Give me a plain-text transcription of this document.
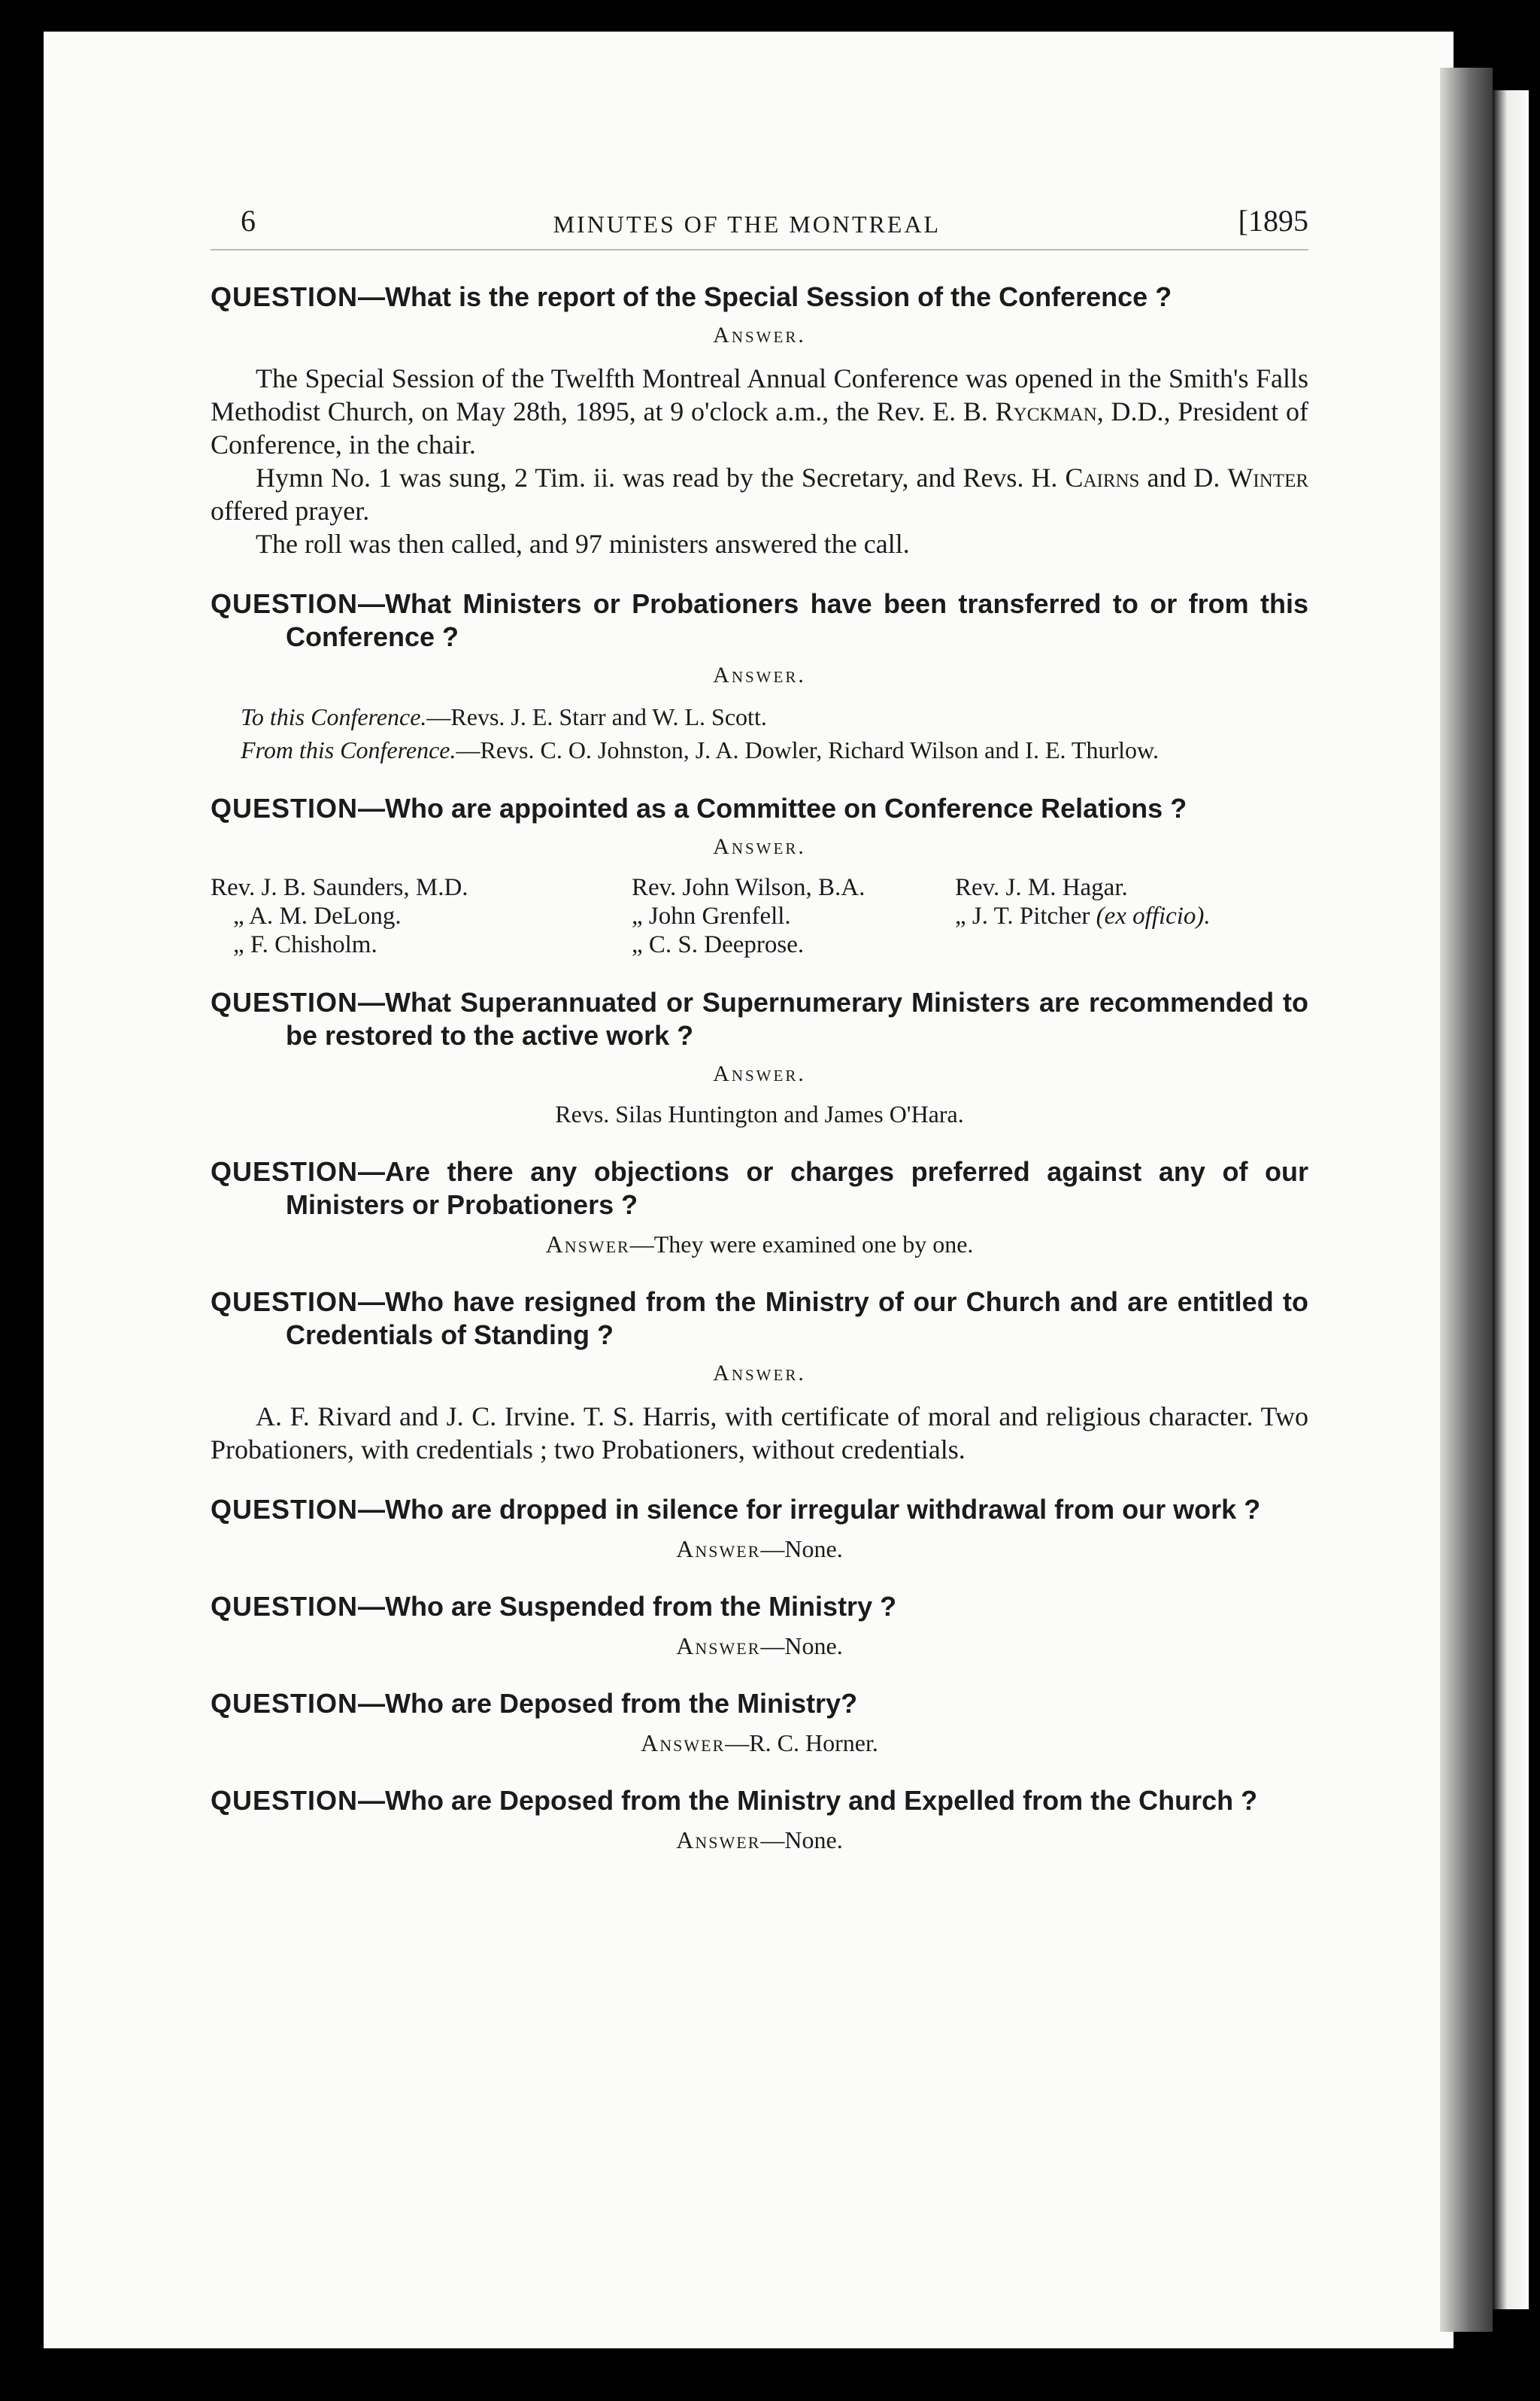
6	MINUTES OF THE MONTREAL	[1895
QUESTION—What is the report of the Special Session of the Conference ?
Answer.

The Special Session of the Twelfth Montreal Annual Conference was opened in the Smith's Falls Methodist Church, on May 28th, 1895, at 9 o'clock a.m., the Rev. E. B. Ryckman, D.D., President of Conference, in the chair.

Hymn No. 1 was sung, 2 Tim. ii. was read by the Secretary, and Revs. H. Cairns and D. Winter offered prayer.

The roll was then called, and 97 ministers answered the call.

QUESTION—What Ministers or Probationers have been transferred to or from this Conference ?
Answer.
To this Conference.—Revs. J. E. Starr and W. L. Scott.
From this Conference.—Revs. C. O. Johnston, J. A. Dowler, Richard Wilson and I. E. Thurlow.
QUESTION—Who are appointed as a Committee on Conference Relations ?
Answer.
Rev. J. B. Saunders, M.D.	Rev. John Wilson, B.A.	Rev. J. M. Hagar.
„ A. M. DeLong.	„ John Grenfell.	„ J. T. Pitcher (ex officio).
„ F. Chisholm.	„ C. S. Deeprose.
QUESTION—What Superannuated or Supernumerary Ministers are recommended to be restored to the active work ?
Answer.
Revs. Silas Huntington and James O'Hara.
QUESTION—Are there any objections or charges preferred against any of our Ministers or Probationers ?
Answer—They were examined one by one.
QUESTION—Who have resigned from the Ministry of our Church and are entitled to Credentials of Standing ?
Answer.

A. F. Rivard and J. C. Irvine. T. S. Harris, with certificate of moral and religious character. Two Probationers, with credentials ; two Probationers, without credentials.

QUESTION—Who are dropped in silence for irregular withdrawal from our work ?
Answer—None.
QUESTION—Who are Suspended from the Ministry ?
Answer—None.
QUESTION—Who are Deposed from the Ministry?
Answer—R. C. Horner.
QUESTION—Who are Deposed from the Ministry and Expelled from the Church ?
Answer—None.
